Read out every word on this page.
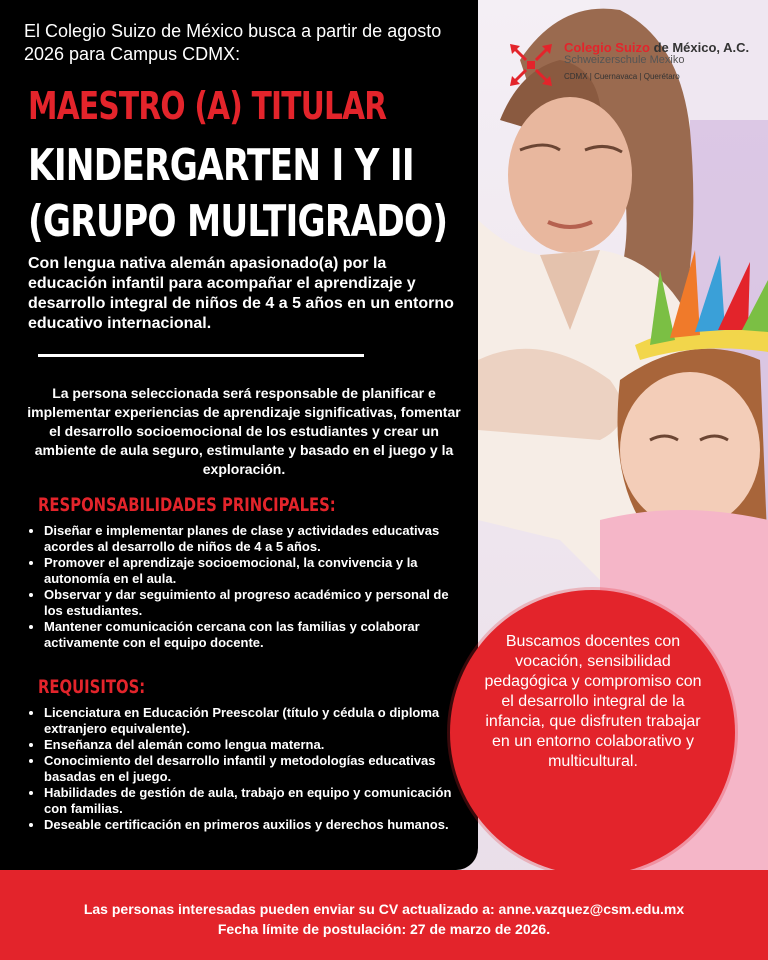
El Colegio Suizo de México busca a partir de agosto 2026 para Campus CDMX:
MAESTRO (A) TITULAR
KINDERGARTEN I Y II
(GRUPO MULTIGRADO)
Con lengua nativa alemán apasionado(a) por la educación infantil para acompañar el aprendizaje y desarrollo integral de niños de 4 a 5 años en un entorno educativo internacional.
La persona seleccionada será responsable de planificar e implementar experiencias de aprendizaje significativas, fomentar el desarrollo socioemocional de los estudiantes y crear un ambiente de aula seguro, estimulante y basado en el juego y la exploración.
RESPONSABILIDADES PRINCIPALES:
• Diseñar e implementar planes de clase y actividades educativas acordes al desarrollo de niños de 4 a 5 años.
• Promover el aprendizaje socioemocional, la convivencia y la autonomía en el aula.
• Observar y dar seguimiento al progreso académico y personal de los estudiantes.
• Mantener comunicación cercana con las familias y colaborar activamente con el equipo docente.
REQUISITOS:
• Licenciatura en Educación Preescolar (título y cédula o diploma extranjero equivalente).
• Enseñanza del alemán como lengua materna.
• Conocimiento del desarrollo infantil y metodologías educativas basadas en el juego.
• Habilidades de gestión de aula, trabajo en equipo y comunicación con familias.
• Deseable certificación en primeros auxilios y derechos humanos.
Colegio Suizo de México, A.C.
Schweizerschule Mexiko
CDMX | Cuernavaca | Querétaro
Buscamos docentes con vocación, sensibilidad pedagógica y compromiso con el desarrollo integral de la infancia, que disfruten trabajar en un entorno colaborativo y multicultural.
Las personas interesadas pueden enviar su CV actualizado a: anne.vazquez@csm.edu.mx
Fecha límite de postulación: 27 de marzo de 2026.
